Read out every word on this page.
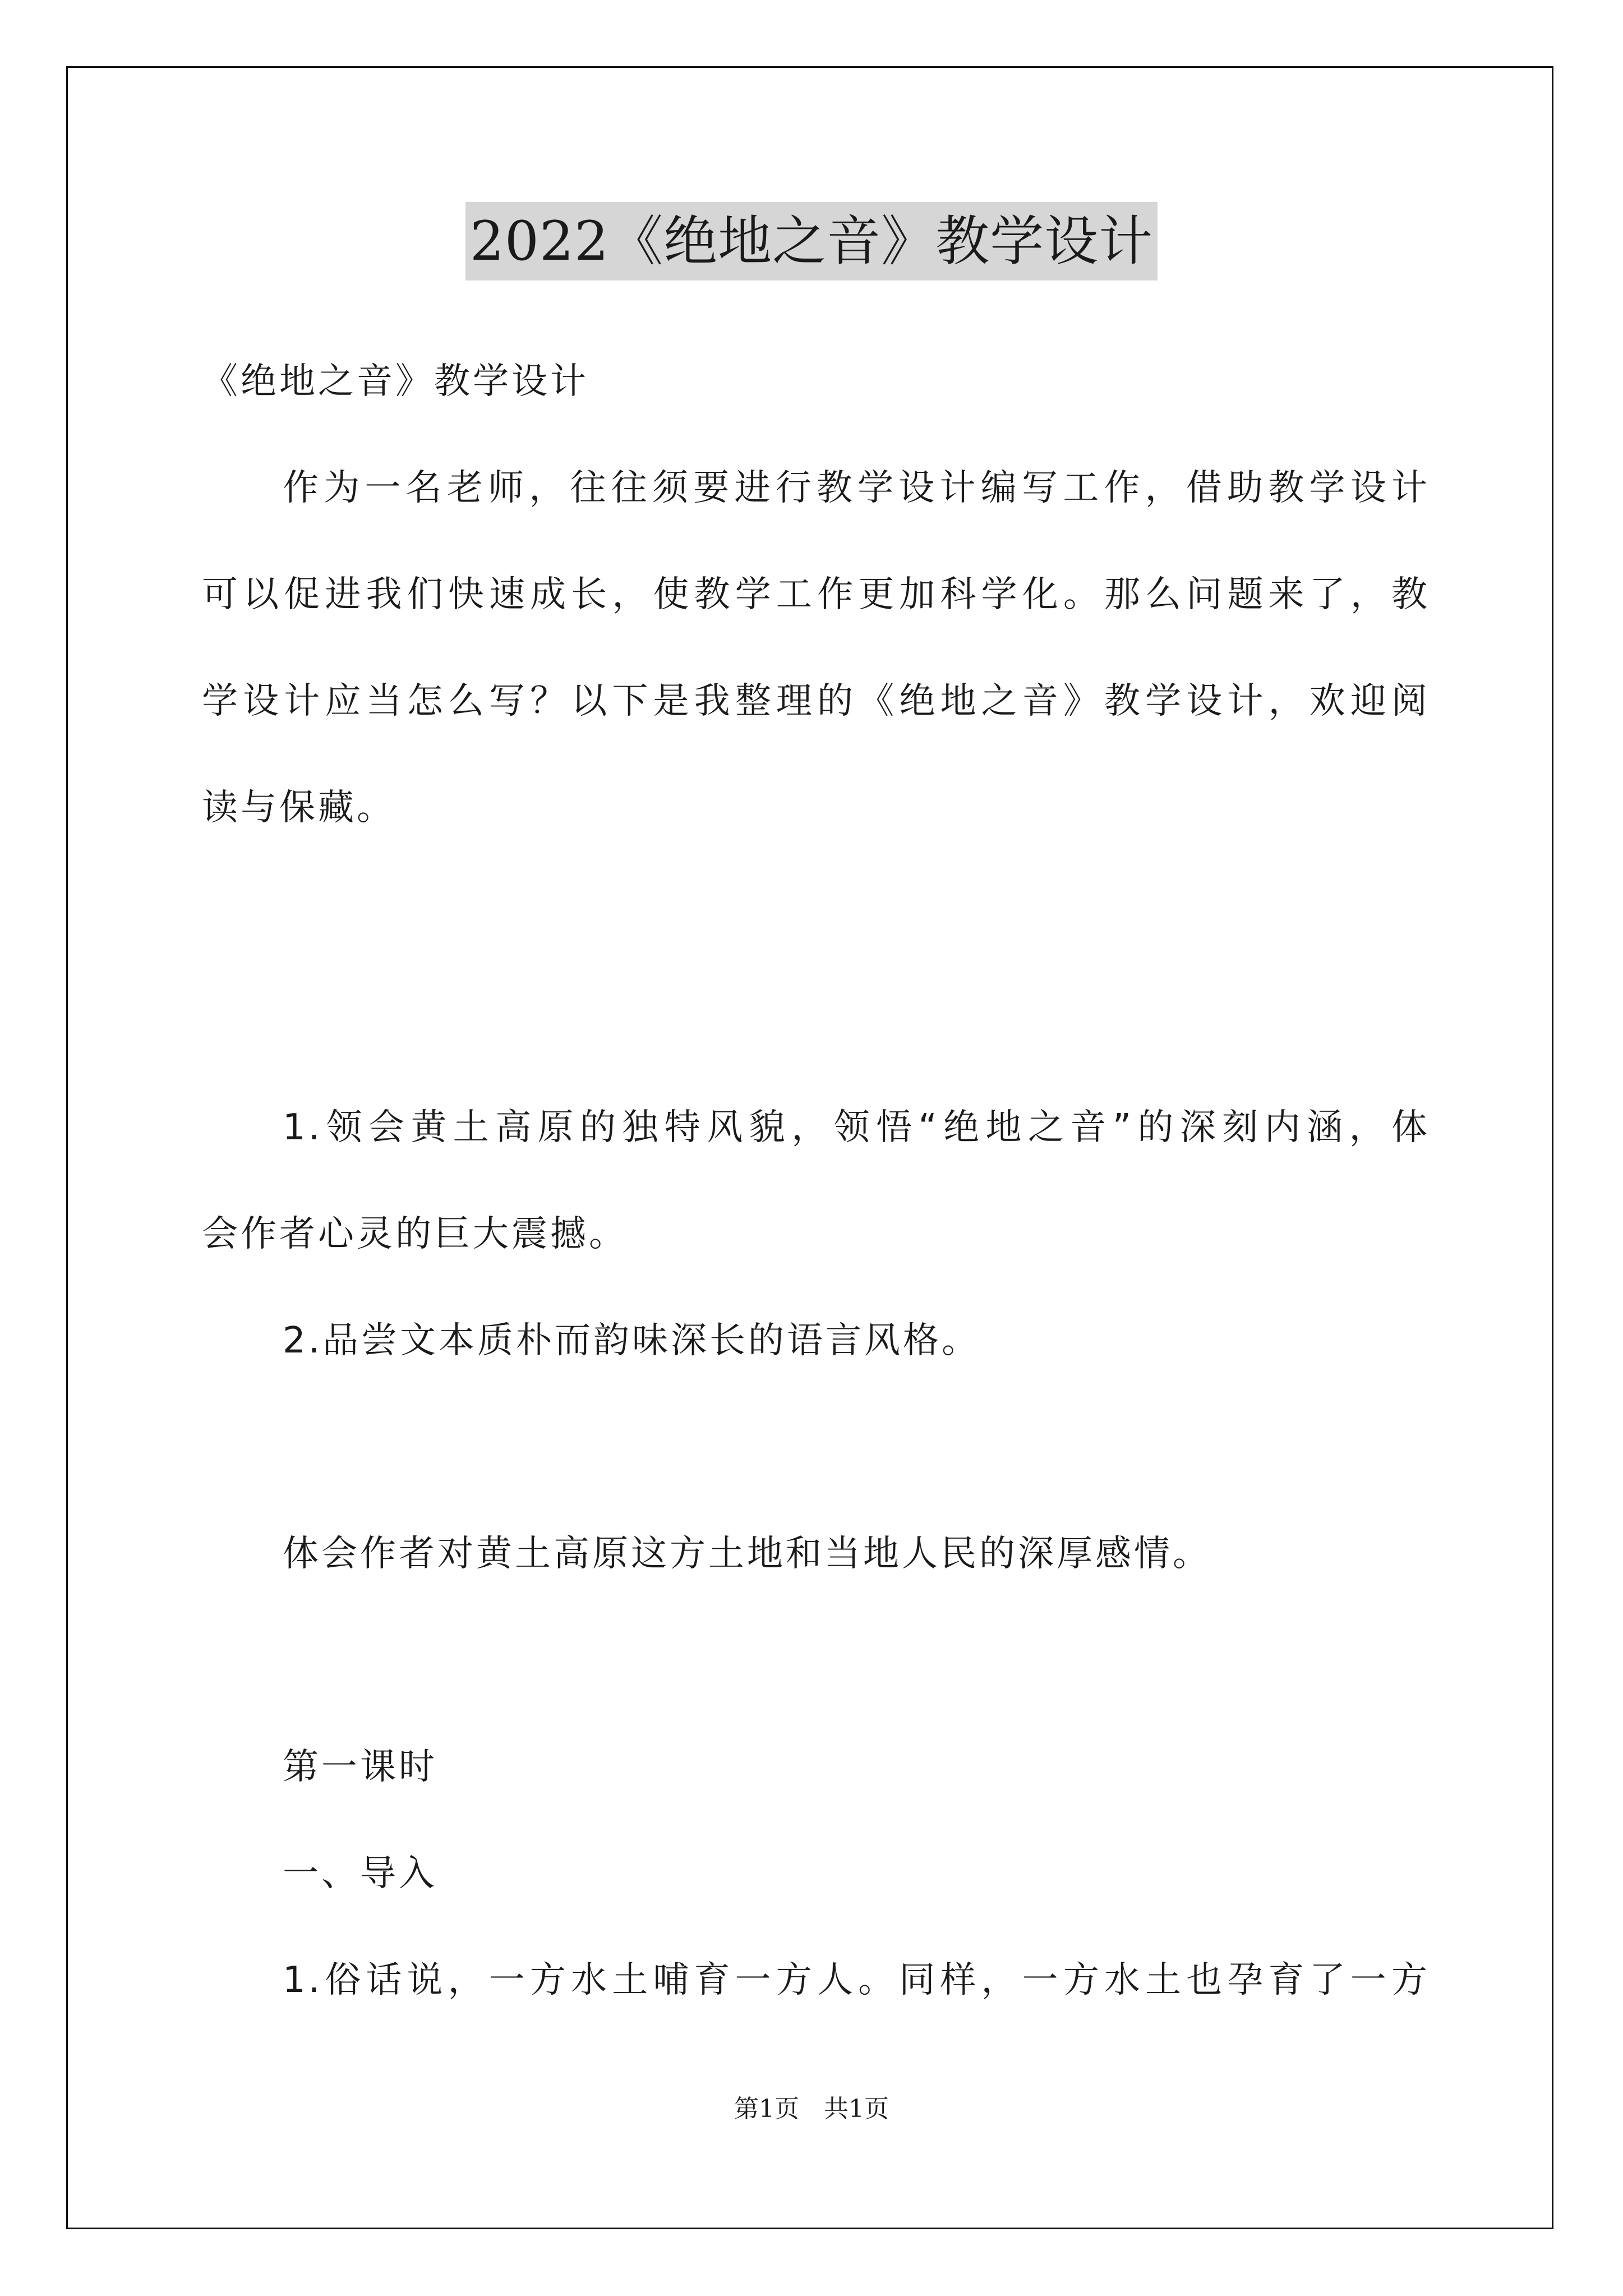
2022《绝地之音》教学设计
《绝地之音》教学设计
作为一名老师，往往须要进行教学设计编写工作，借助教学设计
可以促进我们快速成长，使教学工作更加科学化。那么问题来了，教
学设计应当怎么写？以下是我整理的《绝地之音》教学设计，欢迎阅
读与保藏。
1.领会黄土高原的独特风貌，领悟“绝地之音”的深刻内涵，体
会作者心灵的巨大震撼。
2.品尝文本质朴而韵味深长的语言风格。
体会作者对黄土高原这方土地和当地人民的深厚感情。
第一课时
一、导入
1.俗话说，一方水土哺育一方人。同样，一方水土也孕育了一方
第1页　共1页
